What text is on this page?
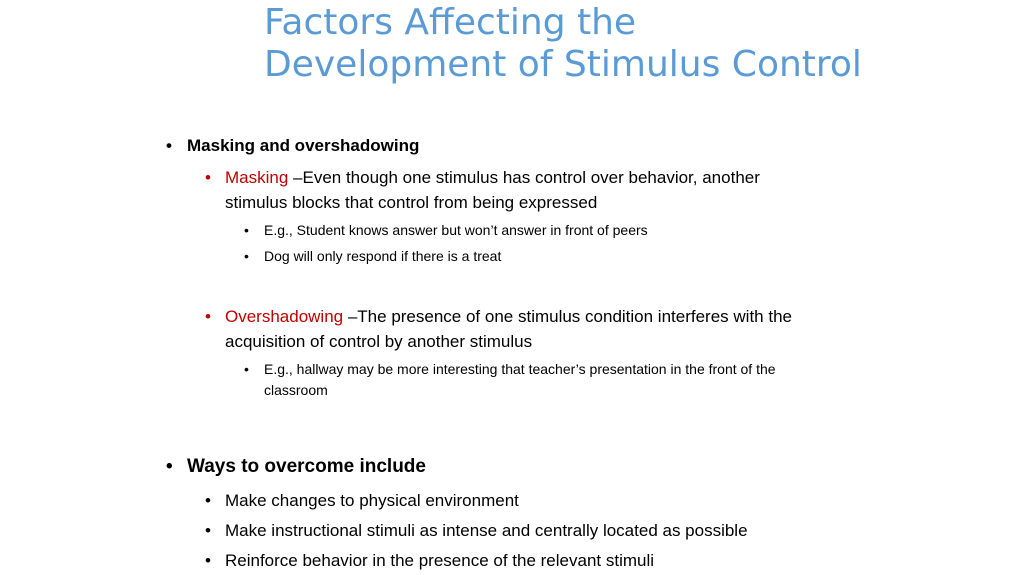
Factors Affecting the Development of Stimulus Control
• Masking and overshadowing

• Masking –Even though one stimulus has control over behavior, another stimulus blocks that control from being expressed

• E.g., Student knows answer but won’t answer in front of peers

• Dog will only respond if there is a treat

• Overshadowing –The presence of one stimulus condition interferes with the acquisition of control by another stimulus

• E.g., hallway may be more interesting that teacher’s presentation in the front of the classroom

• Ways to overcome include

• Make changes to physical environment

• Make instructional stimuli as intense and centrally located as possible

• Reinforce behavior in the presence of the relevant stimuli
